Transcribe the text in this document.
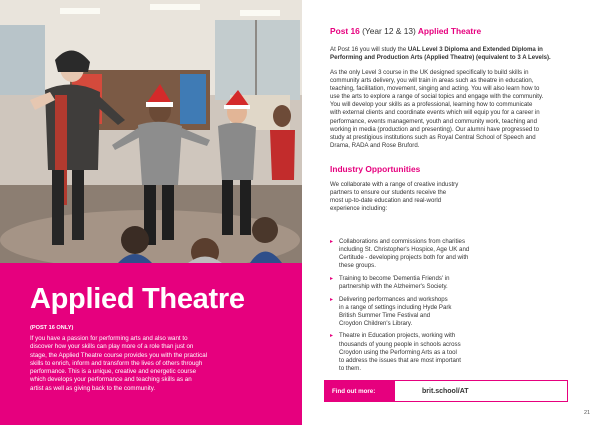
Applied Theatre
(POST 16 ONLY)
If you have a passion for performing arts and also want to
discover how your skills can play more of a role than just on
stage, the Applied Theatre course provides you with the practical
skills to enrich, inform and transform the lives of others through
performance. This is a unique, creative and energetic course
which develops your performance and teaching skills as an
artist as well as giving back to the community.
Post 16 (Year 12 & 13) Applied Theatre
At Post 16 you will study the UAL Level 3 Diploma and Extended Diploma in
Performing and Production Arts (Applied Theatre) (equivalent to 3 A Levels).
As the only Level 3 course in the UK designed specifically to build skills in
community arts delivery, you will train in areas such as theatre in education,
teaching, facilitation, movement, singing and acting. You will also learn how to
use the arts to explore a range of social topics and engage with the community.
You will develop your skills as a professional, learning how to communicate
with external clients and coordinate events which will equip you for a career in
performance, events management, youth and community work, teaching and
working in media (production and presenting). Our alumni have progressed to
study at prestigious institutions such as Royal Central School of Speech and
Drama, RADA and Rose Bruford.
Industry Opportunities
We collaborate with a range of creative industry
partners to ensure our students receive the
most up-to-date education and real-world
experience including:
▸ Collaborations and commissions from charities
including St. Christopher's Hospice, Age UK and
Certitude - developing projects both for and with
these groups.
▸ Training to become 'Dementia Friends' in
partnership with the Alzheimer's Society.
▸ Delivering performances and workshops
in a range of settings including Hyde Park
British Summer Time Festival and
Croydon Children's Library.
▸ Theatre in Education projects, working with
thousands of young people in schools across
Croydon using the Performing Arts as a tool
to address the issues that are most important
to them.
Find out more:	brit.school/AT
21
